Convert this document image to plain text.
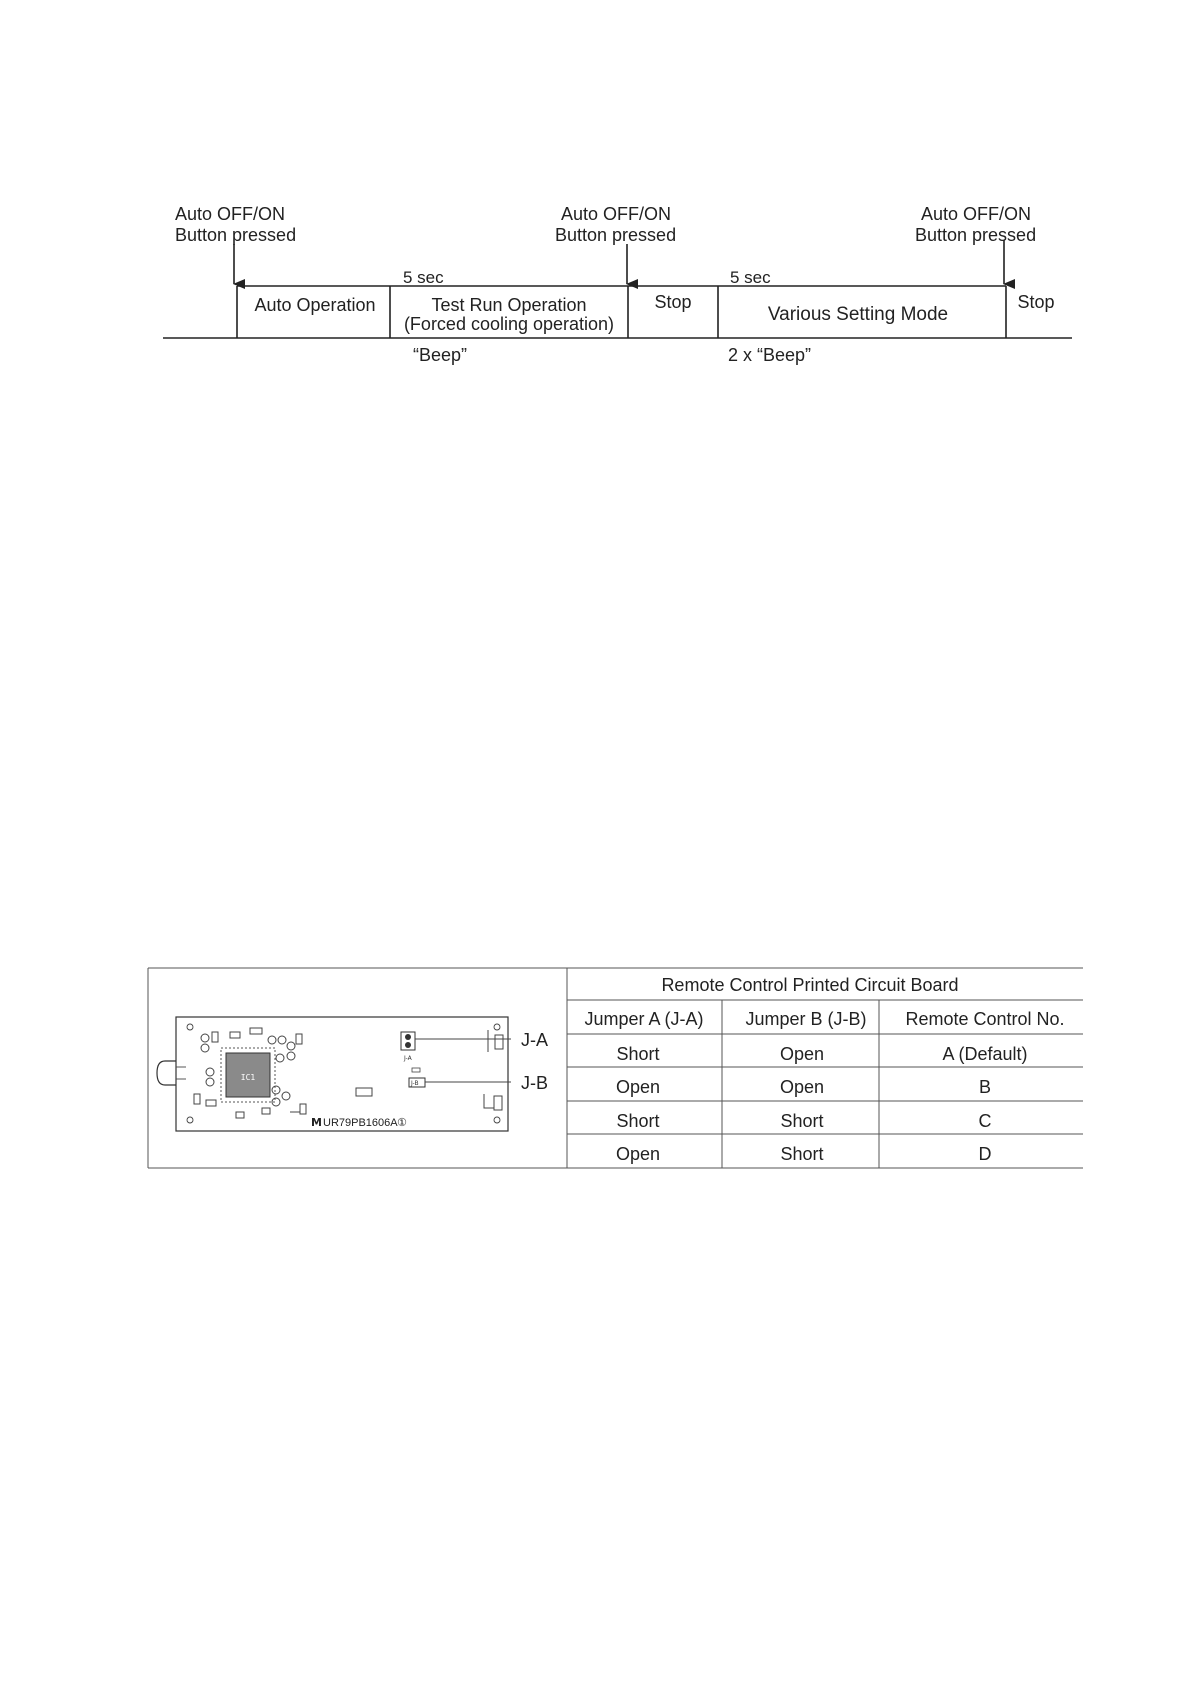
Auto OFF/ON
Button pressed
Auto OFF/ON
Button pressed
Auto OFF/ON
Button pressed
5 sec	5 sec
Auto Operation	Test Run Operation
(Forced cooling operation)
Stop
Various Setting Mode
Stop
“Beep”	2 x “Beep”
IC1
J-A
J-B
M UR79PB1606A ①
J-A
J-B
Remote Control Printed Circuit Board
Jumper A (J-A) Jumper B (J-B) Remote Control No.
Short	Open	A (Default)
Open	Open	B
Short	Short	C
Open	Short	D
